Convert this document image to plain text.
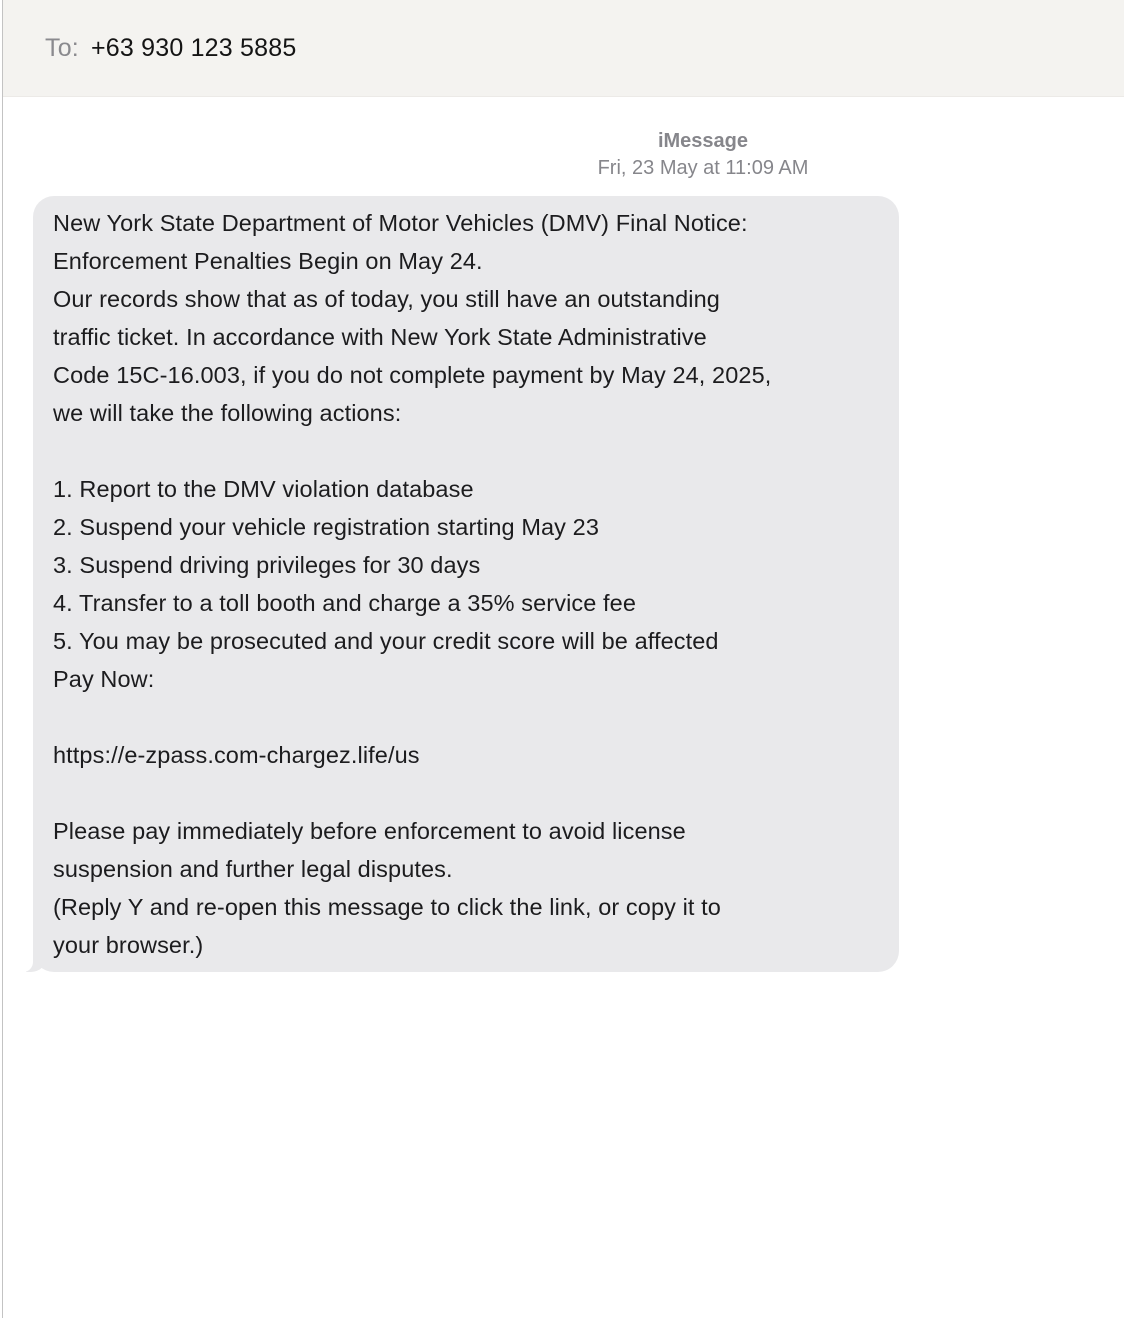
To: +63 930 123 5885
iMessage
Fri, 23 May at 11:09 AM
New York State Department of Motor Vehicles (DMV) Final Notice:
Enforcement Penalties Begin on May 24.
Our records show that as of today, you still have an outstanding
traffic ticket. In accordance with New York State Administrative
Code 15C-16.003, if you do not complete payment by May 24, 2025,
we will take the following actions:
1. Report to the DMV violation database
2. Suspend your vehicle registration starting May 23
3. Suspend driving privileges for 30 days
4. Transfer to a toll booth and charge a 35% service fee
5. You may be prosecuted and your credit score will be affected
Pay Now:
https://e-zpass.com-chargez.life/us
Please pay immediately before enforcement to avoid license
suspension and further legal disputes.
(Reply Y and re-open this message to click the link, or copy it to
your browser.)
